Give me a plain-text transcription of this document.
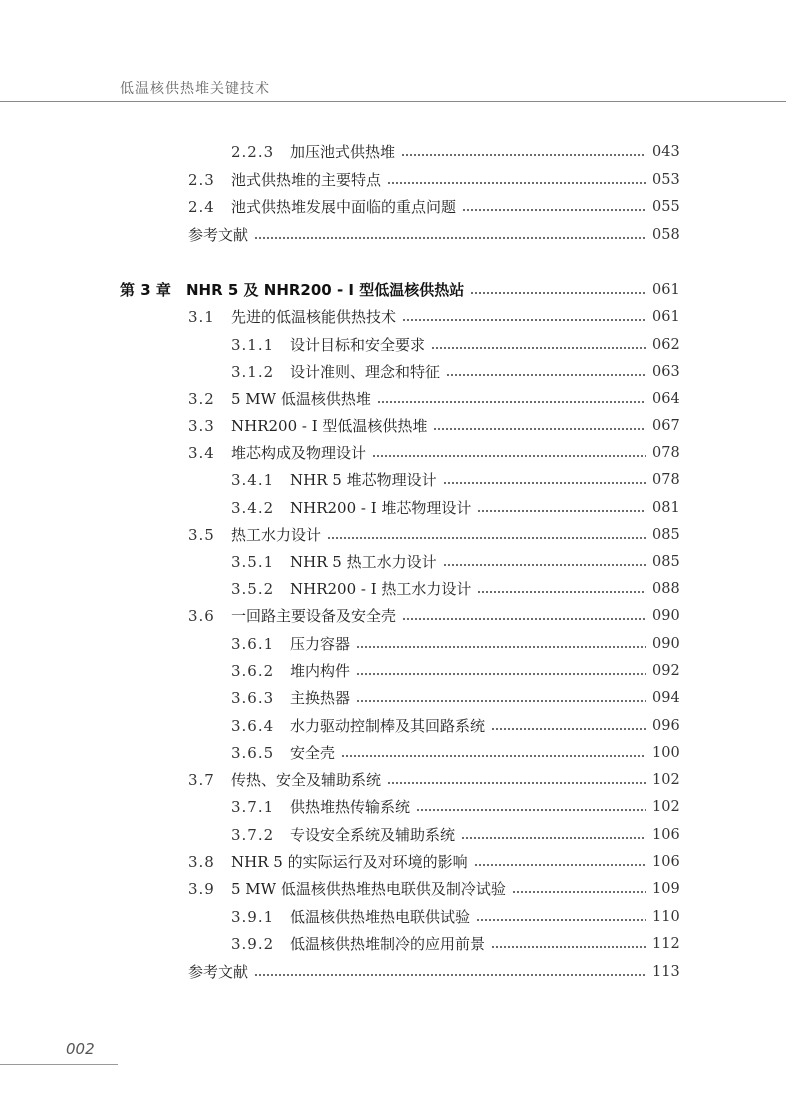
低温核供热堆关键技术
2.2.3 加压池式供热堆	043
2.3 池式供热堆的主要特点	053
2.4 池式供热堆发展中面临的重点问题	055
参考文献	058
第 3 章 NHR 5 及 NHR200 - Ⅰ 型低温核供热站	061
3.1 先进的低温核能供热技术	061
3.1.1 设计目标和安全要求	062
3.1.2 设计准则、理念和特征	063
3.2 5 MW 低温核供热堆	064
3.3 NHR200 - Ⅰ 型低温核供热堆	067
3.4 堆芯构成及物理设计	078
3.4.1 NHR 5 堆芯物理设计	078
3.4.2 NHR200 - Ⅰ 堆芯物理设计	081
3.5 热工水力设计	085
3.5.1 NHR 5 热工水力设计	085
3.5.2 NHR200 - Ⅰ 热工水力设计	088
3.6 一回路主要设备及安全壳	090
3.6.1 压力容器	090
3.6.2 堆内构件	092
3.6.3 主换热器	094
3.6.4 水力驱动控制棒及其回路系统	096
3.6.5 安全壳	100
3.7 传热、安全及辅助系统	102
3.7.1 供热堆热传输系统	102
3.7.2 专设安全系统及辅助系统	106
3.8 NHR 5 的实际运行及对环境的影响	106
3.9 5 MW 低温核供热堆热电联供及制冷试验	109
3.9.1 低温核供热堆热电联供试验	110
3.9.2 低温核供热堆制冷的应用前景	112
参考文献	113
002
